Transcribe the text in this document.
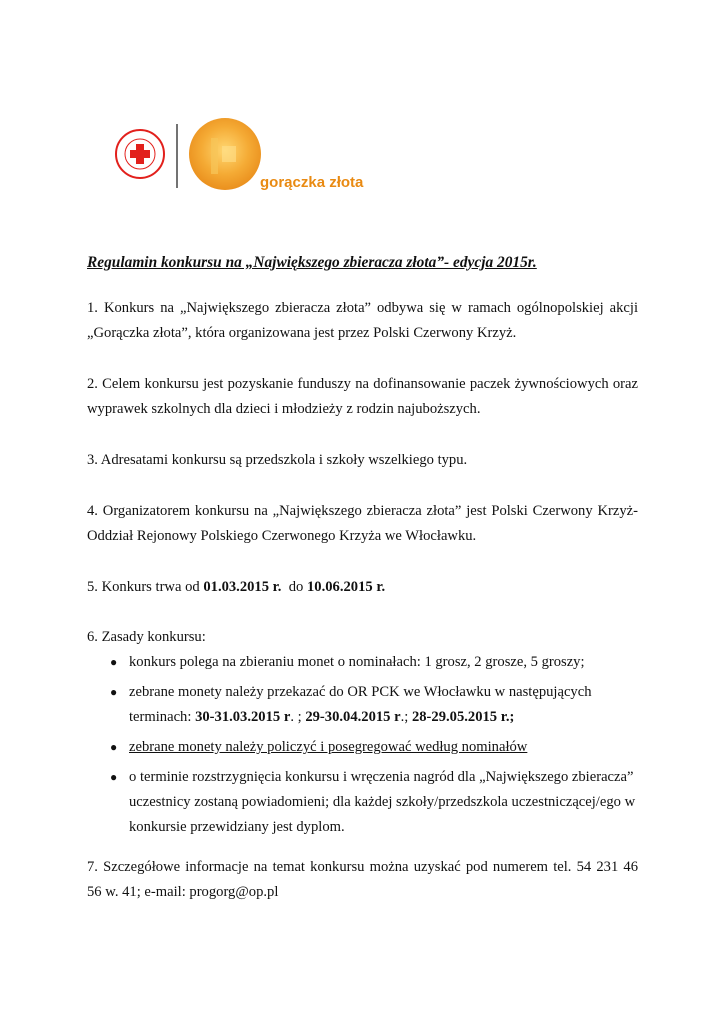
gorączka złota
Regulamin konkursu na „Największego zbieracza złota”- edycja 2015r.
1. Konkurs na „Największego zbieracza złota” odbywa się w ramach ogólnopolskiej akcji
„Gorączka złota”, która organizowana jest przez Polski Czerwony Krzyż.
2. Celem konkursu jest pozyskanie funduszy na dofinansowanie paczek żywnościowych oraz
wyprawek szkolnych dla dzieci i młodzieży z rodzin najuboższych.
3. Adresatami konkursu są przedszkola i szkoły wszelkiego typu.
4. Organizatorem konkursu na „Największego zbieracza złota” jest Polski Czerwony Krzyż-
Oddział Rejonowy Polskiego Czerwonego Krzyża we Włocławku.
5. Konkurs trwa od 01.03.2015 r.  do 10.06.2015 r.
6. Zasady konkursu:
● konkurs polega na zbieraniu monet o nominałach: 1 grosz, 2 grosze, 5 groszy;
● zebrane monety należy przekazać do OR PCK we Włocławku w następujących terminach: 30-31.03.2015 r. ; 29-30.04.2015 r.; 28-29.05.2015 r.;
● zebrane monety należy policzyć i posegregować według nominałów
● o terminie rozstrzygnięcia konkursu i wręczenia nagród dla „Największego zbieracza” uczestnicy zostaną powiadomieni; dla każdej szkoły/przedszkola uczestniczącej/ego w konkursie przewidziany jest dyplom.
7. Szczegółowe informacje na temat konkursu można uzyskać pod numerem tel. 54 231 46
56 w. 41; e-mail: progorg@op.pl
